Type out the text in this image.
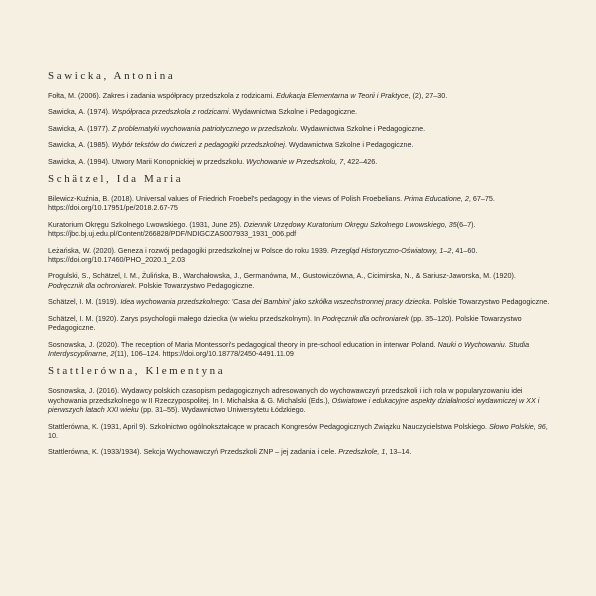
Sawicka, Antonina

Fołta, M. (2006). Zakres i zadania współpracy przedszkola z rodzicami. Edukacja Elementarna w Teorii i Praktyce, (2), 27–30.

Sawicka, A. (1974). Współpraca przedszkola z rodzicami. Wydawnictwa Szkolne i Pedagogiczne.

Sawicka, A. (1977). Z problematyki wychowania patriotycznego w przedszkolu. Wydawnictwa Szkolne i Pedagogiczne.

Sawicka, A. (1985). Wybór tekstów do ćwiczeń z pedagogiki przedszkolnej. Wydawnictwa Szkolne i Pedagogiczne.

Sawicka, A. (1994). Utwory Marii Konopnickiej w przedszkolu. Wychowanie w Przedszkolu, 7, 422–426.

Schätzel, Ida Maria

Bilewicz-Kuźnia, B. (2018). Universal values of Friedrich Froebel's pedagogy in the views of Polish Froebelians. Prima Educatione, 2, 67–75. https://doi.org/10.17951/pe/2018.2.67-75

Kuratorium Okręgu Szkolnego Lwowskiego. (1931, June 25). Dziennik Urzędowy Kuratorium Okręgu Szkolnego Lwowskiego, 35(6–7). https://jbc.bj.uj.edu.pl/Content/266828/PDF/NDIGCZAS007933_1931_006.pdf

Leżańska, W. (2020). Geneza i rozwój pedagogiki przedszkolnej w Polsce do roku 1939. Przegląd Historyczno-Oświatowy, 1–2, 41–60. https://doi.org/10.17460/PHO_2020.1_2.03

Progulski, S., Schätzel, I. M., Żulińska, B., Warchałowska, J., Germanówna, M., Gustowiczówna, A., Cicimirska, N., & Sariusz-Jaworska, M. (1920). Podręcznik dla ochroniarek. Polskie Towarzystwo Pedagogiczne.

Schätzel, I. M. (1919). Idea wychowania przedszkolnego: 'Casa dei Bambini' jako szkółka wszechstronnej pracy dziecka. Polskie Towarzystwo Pedagogiczne.

Schätzel, I. M. (1920). Zarys psychologii małego dziecka (w wieku przedszkolnym). In Podręcznik dla ochroniarek (pp. 35–120). Polskie Towarzystwo Pedagogiczne.

Sosnowska, J. (2020). The reception of Maria Montessori's pedagogical theory in pre-school education in interwar Poland. Nauki o Wychowaniu. Studia Interdyscyplinarne, 2(11), 106–124. https://doi.org/10.18778/2450-4491.11.09

Stattlerówna, Klementyna

Sosnowska, J. (2016). Wydawcy polskich czasopism pedagogicznych adresowanych do wychowawczyń przedszkoli i ich rola w popularyzowaniu idei wychowania przedszkolnego w II Rzeczypospolitej. In I. Michalska & G. Michalski (Eds.), Oświatowe i edukacyjne aspekty działalności wydawniczej w XX i pierwszych latach XXI wieku (pp. 31–55). Wydawnictwo Uniwersytetu Łódzkiego.

Stattlerówna, K. (1931, April 9). Szkolnictwo ogólnokształcące w pracach Kongresów Pedagogicznych Związku Nauczycielstwa Polskiego. Słowo Polskie, 96, 10.

Stattlerówna, K. (1933/1934). Sekcja Wychowawczyń Przedszkoli ZNP – jej zadania i cele. Przedszkole, 1, 13–14.
